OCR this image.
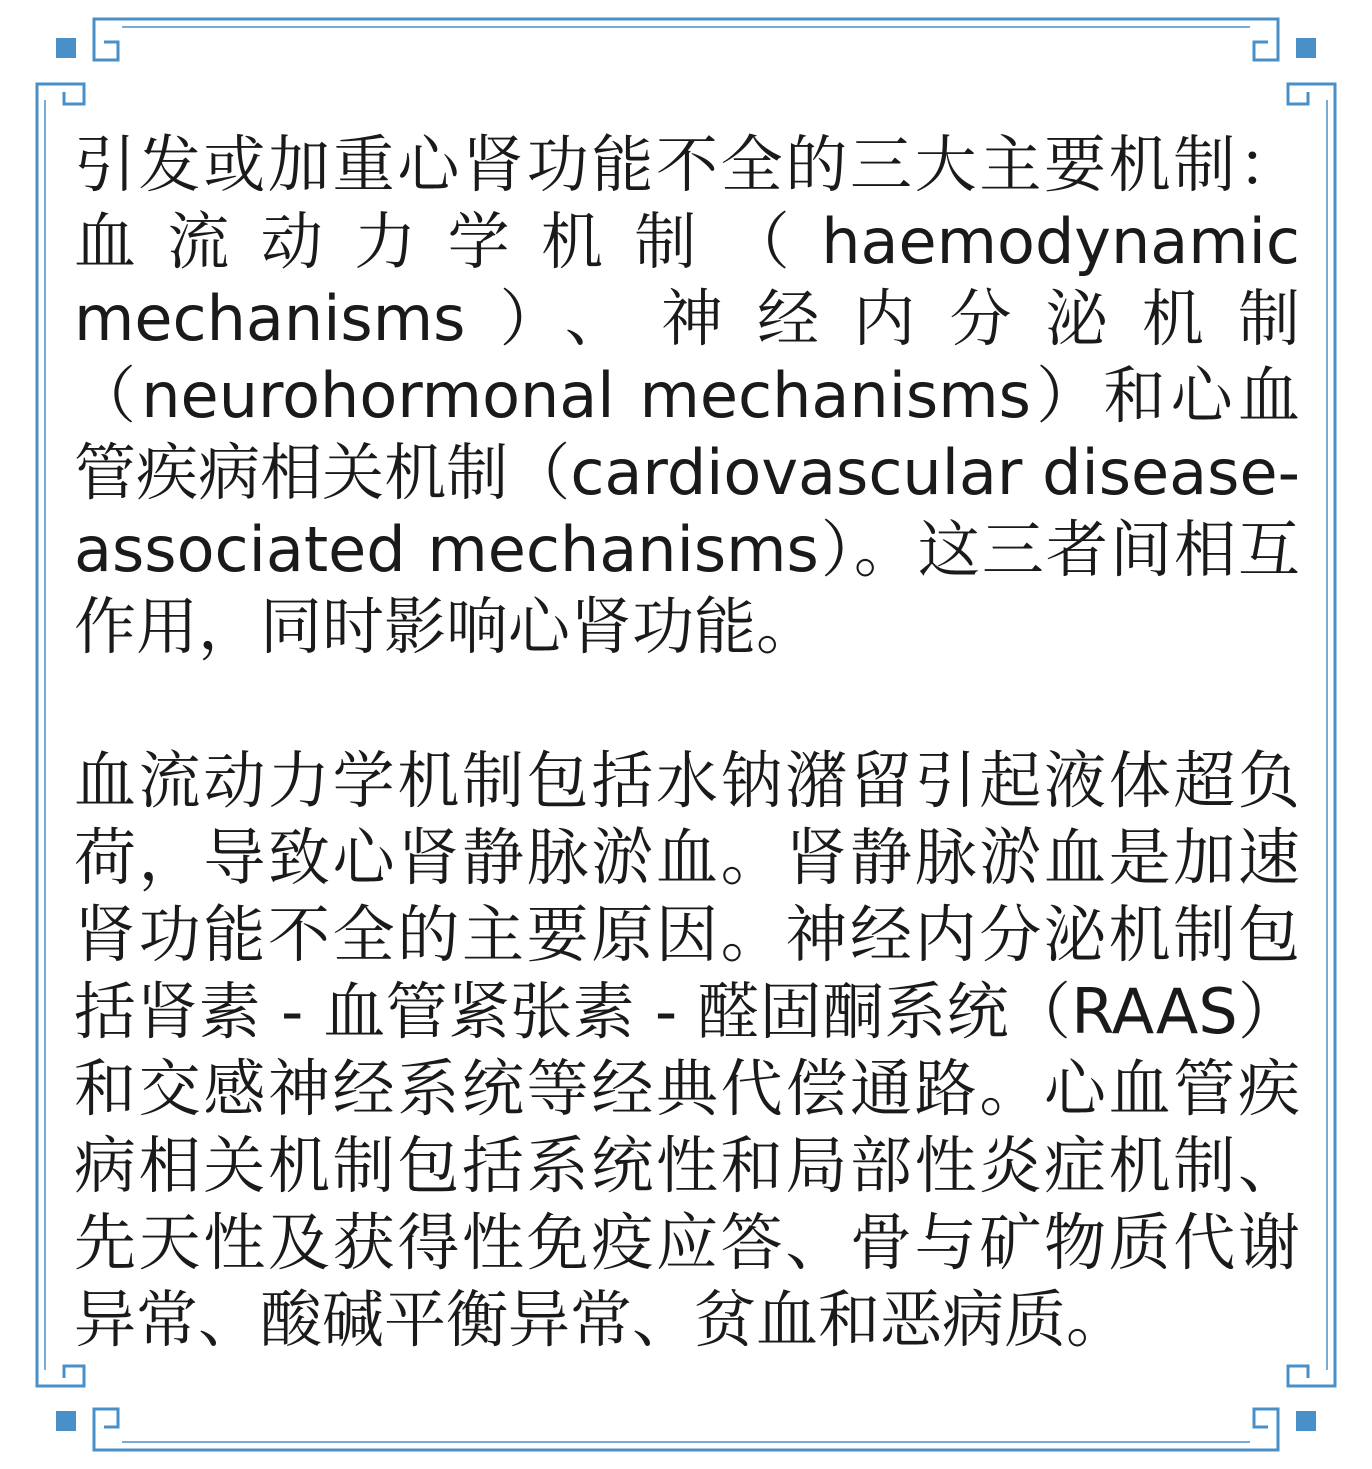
引发或加重心肾功能不全的三大主要机制：血流动力学机制（haemodynamic mechanisms）、神经内分泌机制（neurohormonal mechanisms）和心血管疾病相关机制（cardiovascular disease-associated mechanisms）。这三者间相互作用，同时影响心肾功能。

血流动力学机制包括水钠潴留引起液体超负荷，导致心肾静脉淤血。肾静脉淤血是加速肾功能不全的主要原因。神经内分泌机制包括肾素 - 血管紧张素 - 醛固酮系统（RAAS）和交感神经系统等经典代偿通路。心血管疾病相关机制包括系统性和局部性炎症机制、先天性及获得性免疫应答、骨与矿物质代谢异常、酸碱平衡异常、贫血和恶病质。
